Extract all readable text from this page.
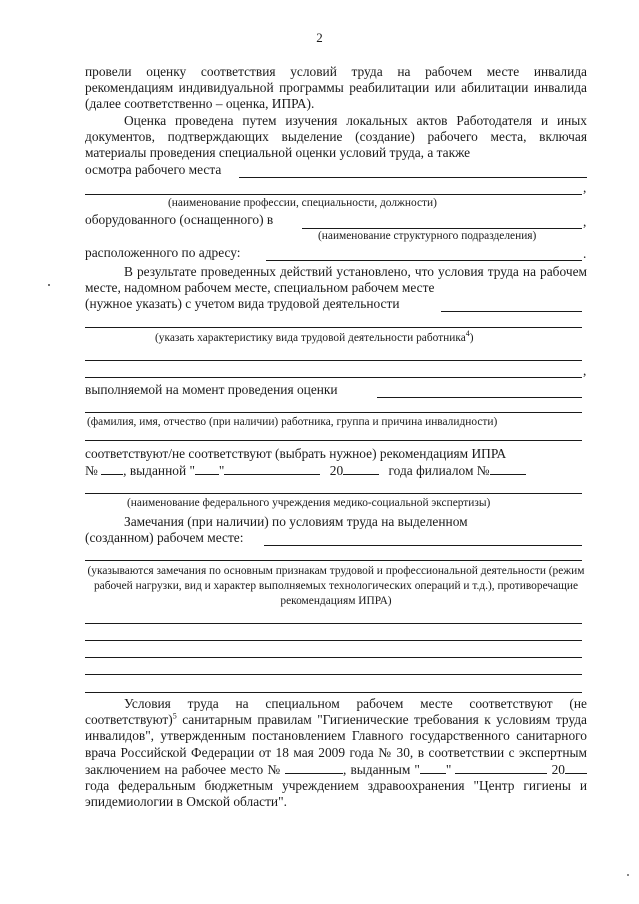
2

провели оценку соответствия условий труда на рабочем месте инвалида рекомендациям индивидуальной программы реабилитации или абилитации инвалида (далее соответственно – оценка, ИПРА).

Оценка проведена путем изучения локальных актов Работодателя и иных документов, подтверждающих выделение (создание) рабочего места, включая материалы проведения специальной оценки условий труда, а также

осмотра рабочего места
,
(наименование профессии, специальности, должности)
оборудованного (оснащенного) в	,
(наименование структурного подразделения)
расположенного по адресу:	.

В результате проведенных действий установлено, что условия труда на рабочем месте, надомном рабочем месте, специальном рабочем месте

(нужное указать) с учетом вида трудовой деятельности
(указать характеристику вида трудовой деятельности работника$^4$)
,
выполняемой на момент проведения оценки
(фамилия, имя, отчество (при наличии) работника, группа и причина инвалидности)
соответствуют/не соответствуют (выбрать нужное) рекомендациям ИПРА
№ , выданной " "	20	года филиалом №
(наименование федерального учреждения медико-социальной экспертизы)
Замечания (при наличии) по условиям труда на выделенном
(созданном) рабочем месте:
(указываются замечания по основным признакам трудовой и профессиональной деятельности (режим рабочей нагрузки, вид и характер выполняемых технологических операций и т.д.), противоречащие рекомендациям ИПРА)

Условия труда на специальном рабочем месте соответствуют (не соответствуют)$^5$ санитарным правилам "Гигиенические требования к условиям труда инвалидов", утвержденным постановлением Главного государственного санитарного врача Российской Федерации от 18 мая 2009 года № 30, в соответствии с экспертным заключением на рабочее место №	, выданным " "	20 года федеральным бюджетным учреждением здравоохранения "Центр гигиены и эпидемиологии в Омской области".
